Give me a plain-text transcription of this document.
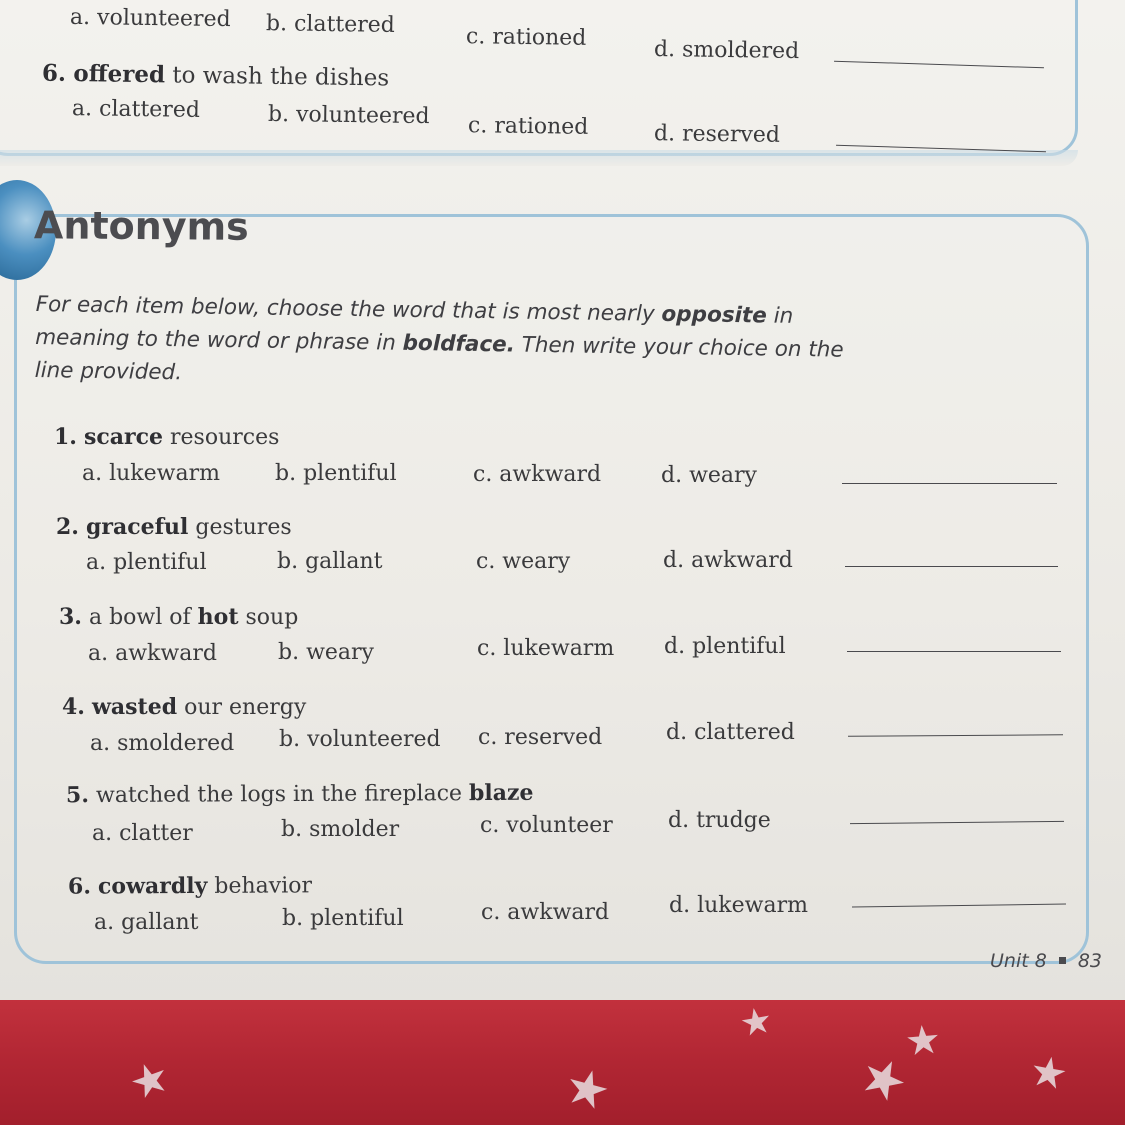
a. volunteered b. clattered	c. rationed	d. smoldered
6. offered to wash the dishes
a. clattered	b. volunteered c. rationed	d. reserved
Antonyms
For each item below, choose the word that is most nearly opposite in meaning to the word or phrase in boldface. Then write your choice on the line provided.
1. scarce resources
a. lukewarm	b. plentiful	c. awkward	d. weary
2. graceful gestures
a. plentiful	b. gallant	c. weary	d. awkward
3. a bowl of hot soup
a. awkward	b. weary	c. lukewarm d. plentiful
4. wasted our energy
a. smoldered b. volunteered c. reserved	d. clattered
5. watched the logs in the fireplace blaze
a. clatter	b. smolder	c. volunteer	d. trudge
6. cowardly behavior
a. gallant	b. plentiful	c. awkward	d. lukewarm
Unit 8 83
★	★
★
★
★
★
